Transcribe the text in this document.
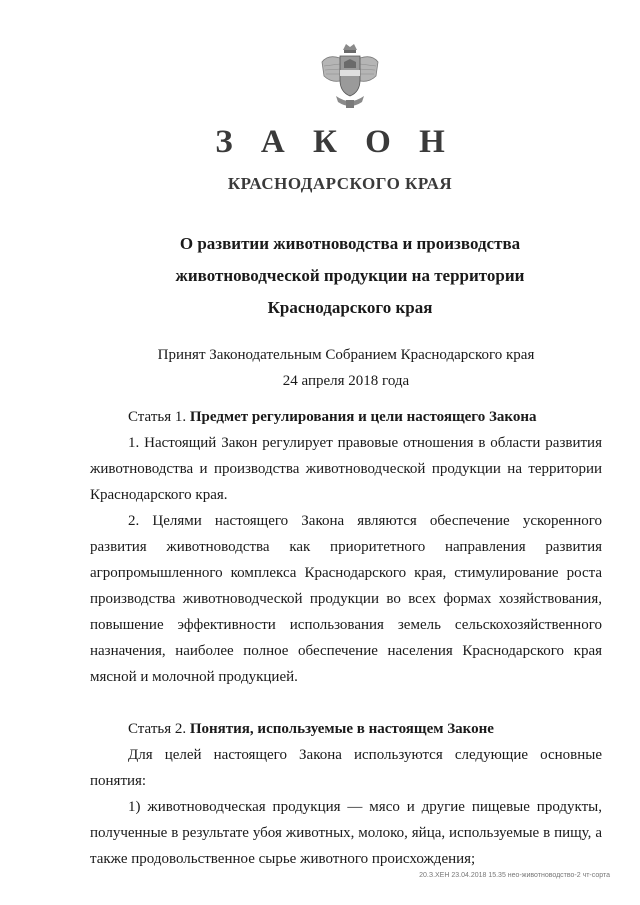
З А К О Н
КРАСНОДАРСКОГО КРАЯ
О развитии животноводства и производства
животноводческой продукции на территории
Краснодарского края
Принят Законодательным Собранием Краснодарского края
24 апреля 2018 года

Статья 1. Предмет регулирования и цели настоящего Закона

1. Настоящий Закон регулирует правовые отношения в области развития животноводства и производства животноводческой продукции на территории Краснодарского края.

2. Целями настоящего Закона являются обеспечение ускоренного развития животноводства как приоритетного направления развития агропромышленного комплекса Краснодарского края, стимулирование роста производства животноводческой продукции во всех формах хозяйствования, повышение эффективности использования земель сельскохозяйственного назначения, наиболее полное обеспечение населения Краснодарского края мясной и молочной продукцией.

Статья 2. Понятия, используемые в настоящем Законе

Для целей настоящего Закона используются следующие основные понятия:

1) животноводческая продукция — мясо и другие пищевые продукты, полученные в результате убоя животных, молоко, яйца, используемые в пищу, а также продовольственное сырье животного происхождения;

20.З.ХЕН 23.04.2018 15.35 нео-животноводство-2 чт-сорта
